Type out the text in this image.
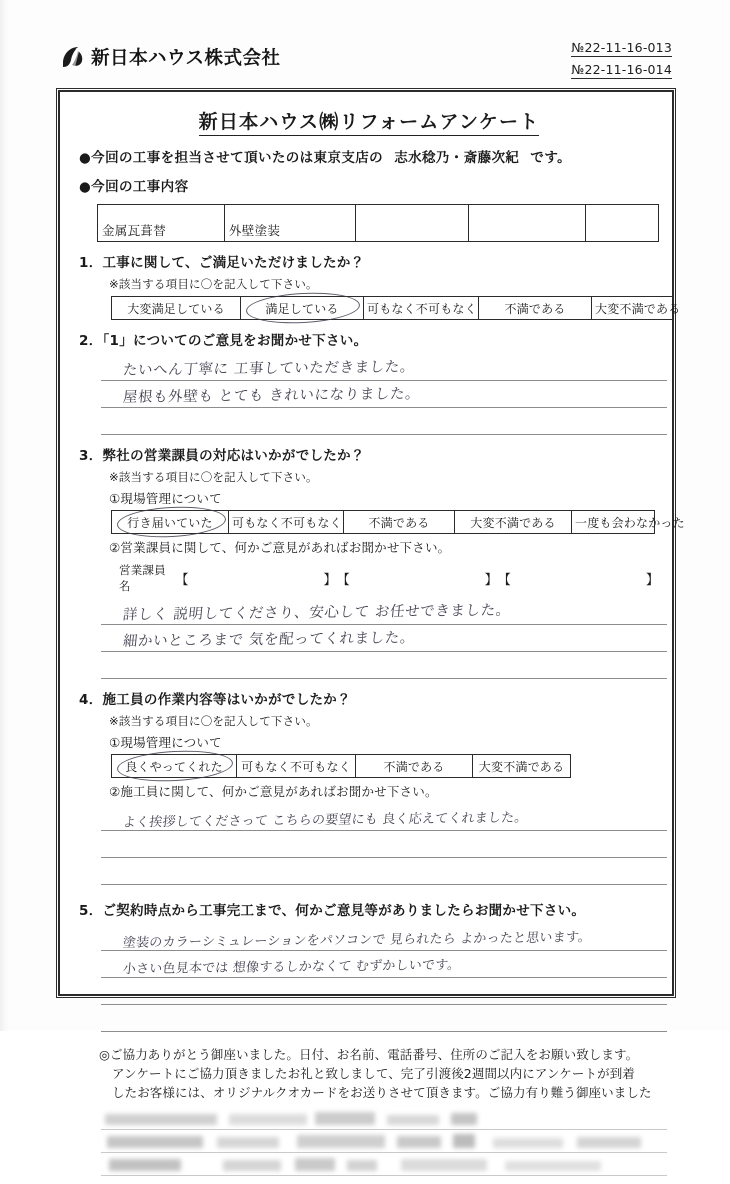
新日本ハウス株式会社
№22-11-16-013
№22-11-16-014
新日本ハウス㈱リフォームアンケート
●今回の工事を担当させて頂いたのは東京支店の 志水稔乃・斎藤次紀 です。
●今回の工事内容
金属瓦葺替	外壁塗装			
1．工事に関して、ご満足いただけましたか？
※該当する項目に〇を記入して下さい。
大変満足している	満足している	可もなく不可もなく	不満である	大変不満である
2．「1」についてのご意見をお聞かせ下さい。
たいへん丁寧に 工事していただきました。
屋根も外壁も とても きれいになりました。
3．弊社の営業課員の対応はいかがでしたか？
※該当する項目に〇を記入して下さい。
①現場管理について
行き届いていた	可もなく不可もなく	不満である	大変不満である	一度も会わなかった
②営業課員に関して、何かご意見があればお聞かせ下さい。
営業課員名	【	】 【	】 【	】
詳しく 説明してくださり、安心して お任せできました。
細かいところまで 気を配ってくれました。
4．施工員の作業内容等はいかがでしたか？
※該当する項目に〇を記入して下さい。
①現場管理について
良くやってくれた	可もなく不可もなく	不満である	大変不満である
②施工員に関して、何かご意見があればお聞かせ下さい。
よく挨拶してくださって こちらの要望にも 良く応えてくれました。
5．ご契約時点から工事完工まで、何かご意見等がありましたらお聞かせ下さい。
塗装のカラーシミュレーションをパソコンで 見られたら よかったと思います。
小さい色見本では 想像するしかなくて むずかしいです。
◎ご協力ありがとう御座いました。日付、お名前、電話番号、住所のご記入をお願い致します。
アンケートにご協力頂きましたお礼と致しまして、完了引渡後2週間以内にアンケートが到着
したお客様には、オリジナルクオカードをお送りさせて頂きます。ご協力有り難う御座いました
